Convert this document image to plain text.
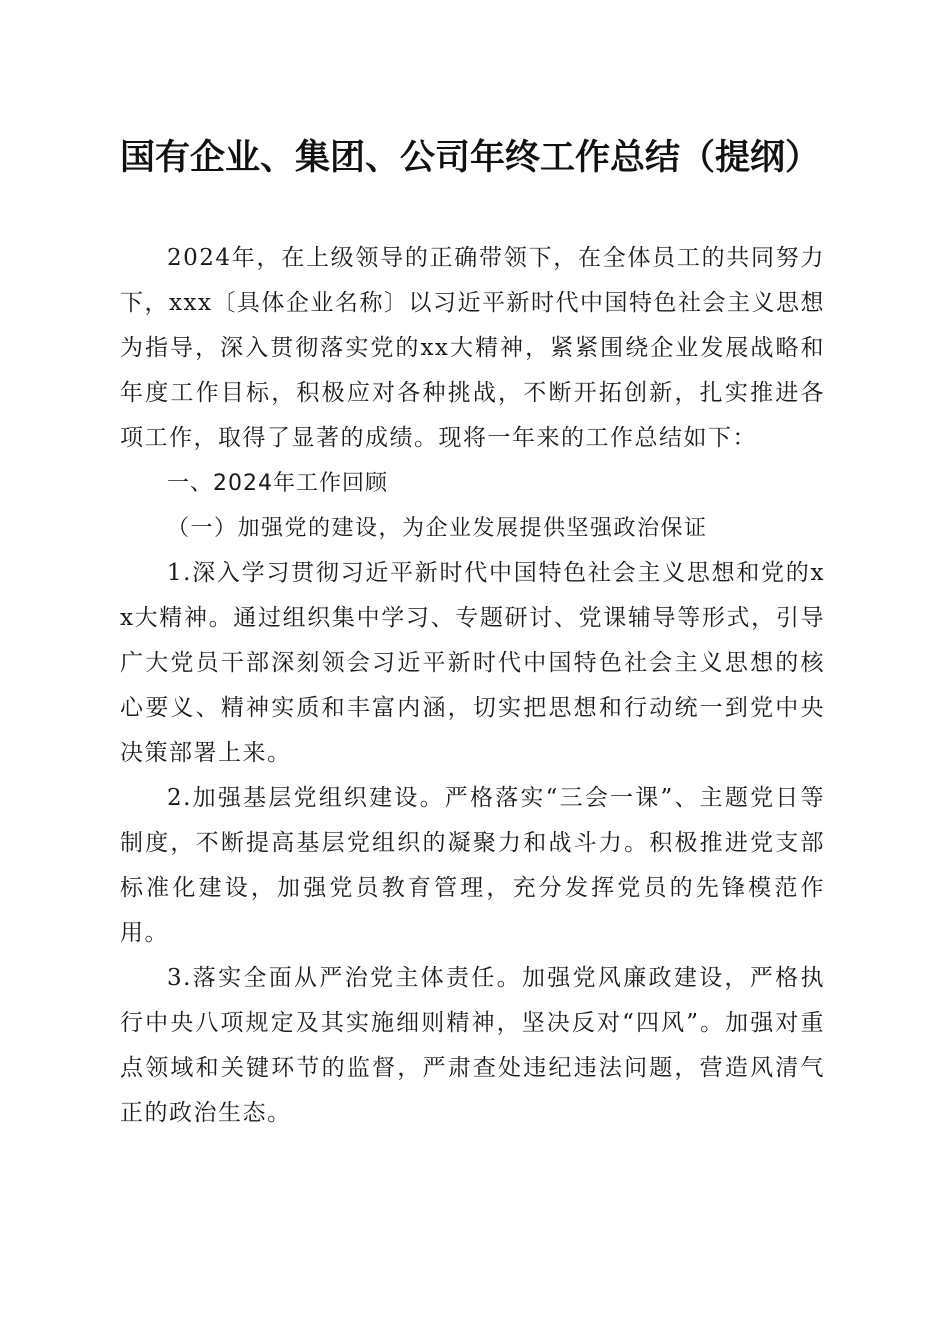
国有企业、集团、公司年终工作总结（提纲）

2024年，在上级领导的正确带领下，在全体员工的共同努力下，xxx〔具体企业名称〕以习近平新时代中国特色社会主义思想为指导，深入贯彻落实党的xx大精神，紧紧围绕企业发展战略和年度工作目标，积极应对各种挑战，不断开拓创新，扎实推进各项工作，取得了显著的成绩。现将一年来的工作总结如下：

一、2024年工作回顾

（一）加强党的建设，为企业发展提供坚强政治保证

1.深入学习贯彻习近平新时代中国特色社会主义思想和党的xx大精神。通过组织集中学习、专题研讨、党课辅导等形式，引导广大党员干部深刻领会习近平新时代中国特色社会主义思想的核心要义、精神实质和丰富内涵，切实把思想和行动统一到党中央决策部署上来。

2.加强基层党组织建设。严格落实“三会一课”、主题党日等制度，不断提高基层党组织的凝聚力和战斗力。积极推进党支部标准化建设，加强党员教育管理，充分发挥党员的先锋模范作用。

3.落实全面从严治党主体责任。加强党风廉政建设，严格执行中央八项规定及其实施细则精神，坚决反对“四风”。加强对重点领域和关键环节的监督，严肃查处违纪违法问题，营造风清气正的政治生态。
